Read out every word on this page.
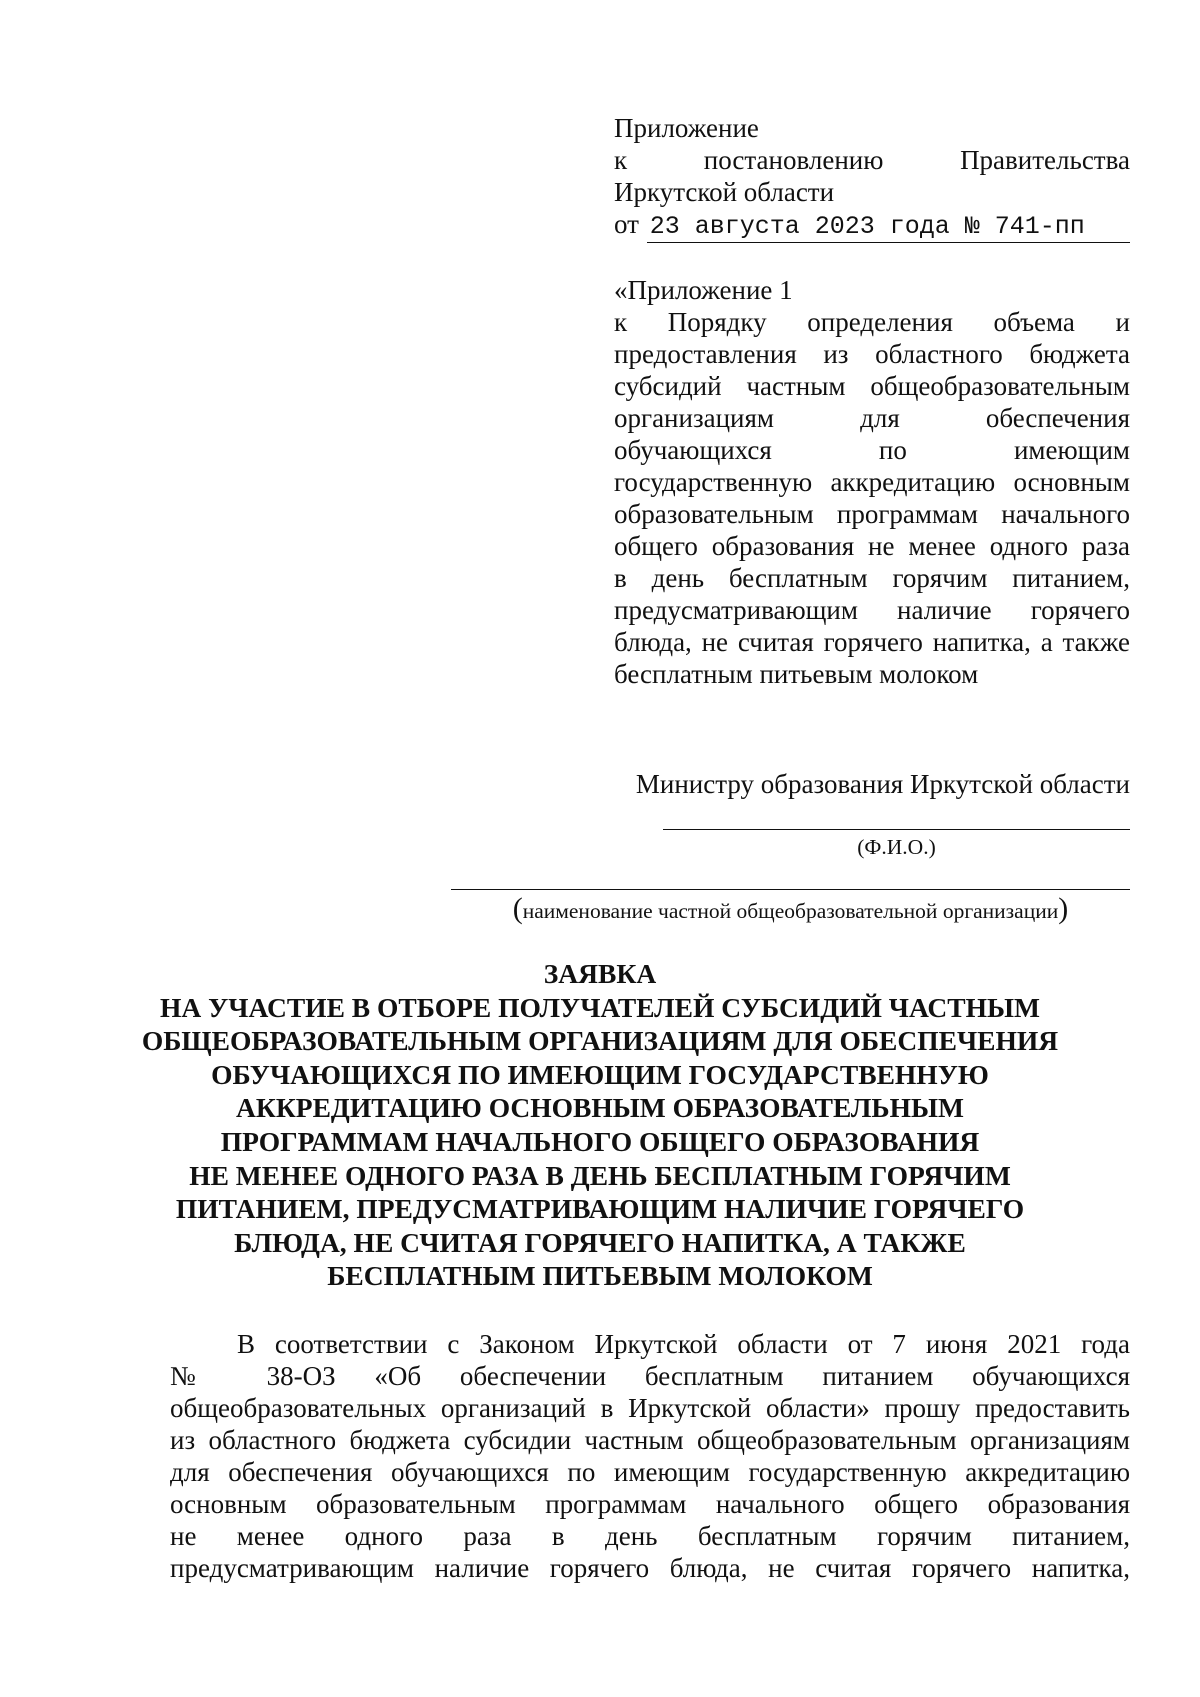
Приложение
к	постановлению	Правительства
Иркутской области
от 23 августа 2023 года № 741-пп
«Приложение 1
к Порядку определения объема и
предоставления из областного бюджета
субсидий частным общеобразовательным
организациям для обеспечения
обучающихся по имеющим
государственную аккредитацию основным
образовательным программам начального
общего образования не менее одного раза
в день бесплатным горячим питанием,
предусматривающим наличие горячего
блюда, не считая горячего напитка, а также
бесплатным питьевым молоком
Министру образования Иркутской области
(Ф.И.О.)
(наименование частной общеобразовательной организации)
ЗАЯВКА
НА УЧАСТИЕ В ОТБОРЕ ПОЛУЧАТЕЛЕЙ СУБСИДИЙ ЧАСТНЫМ
ОБЩЕОБРАЗОВАТЕЛЬНЫМ ОРГАНИЗАЦИЯМ ДЛЯ ОБЕСПЕЧЕНИЯ
ОБУЧАЮЩИХСЯ ПО ИМЕЮЩИМ ГОСУДАРСТВЕННУЮ
АККРЕДИТАЦИЮ ОСНОВНЫМ ОБРАЗОВАТЕЛЬНЫМ
ПРОГРАММАМ НАЧАЛЬНОГО ОБЩЕГО ОБРАЗОВАНИЯ
НЕ МЕНЕЕ ОДНОГО РАЗА В ДЕНЬ БЕСПЛАТНЫМ ГОРЯЧИМ
ПИТАНИЕМ, ПРЕДУСМАТРИВАЮЩИМ НАЛИЧИЕ ГОРЯЧЕГО
БЛЮДА, НЕ СЧИТАЯ ГОРЯЧЕГО НАПИТКА, А ТАКЖЕ
БЕСПЛАТНЫМ ПИТЬЕВЫМ МОЛОКОМ
В соответствии с Законом Иркутской области от 7 июня 2021 года
№ 38-ОЗ «Об обеспечении бесплатным питанием обучающихся
общеобразовательных организаций в Иркутской области» прошу предоставить
из областного бюджета субсидии частным общеобразовательным организациям
для обеспечения обучающихся по имеющим государственную аккредитацию
основным образовательным программам начального общего образования
не менее одного раза в день бесплатным горячим питанием,
предусматривающим наличие горячего блюда, не считая горячего напитка,
